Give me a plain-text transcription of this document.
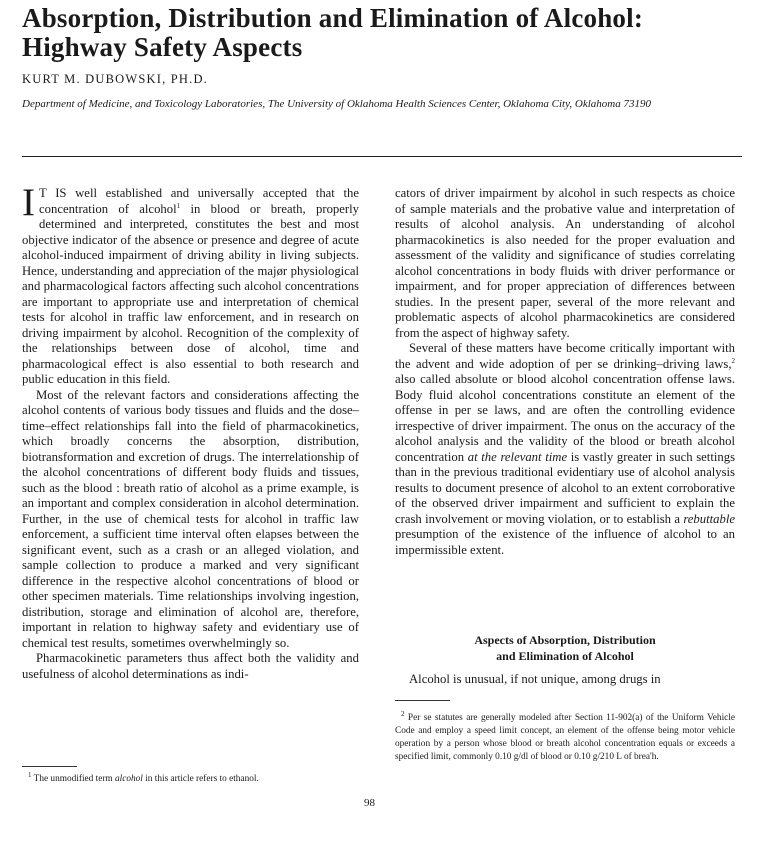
Absorption, Distribution and Elimination of Alcohol:
Highway Safety Aspects
KURT M. DUBOWSKI, PH.D.
Department of Medicine, and Toxicology Laboratories, The University of Oklahoma Health Sciences Center, Oklahoma City, Oklahoma 73190

I T IS well established and universally accepted that the concentration of alcohol$^1$ in blood or breath, properly determined and interpreted, constitutes the best and most objective indicator of the absence or presence and degree of acute alcohol-induced impairment of driving ability in living subjects. Hence, understanding and appreciation of the majør physiological and pharmacological factors affecting such alcohol concentrations are important to appropriate use and interpretation of chemical tests for alcohol in traffic law enforcement, and in research on driving impairment by alcohol. Recognition of the complexity of the relationships between dose of alcohol, time and pharmacological effect is also essential to both research and public education in this field.

Most of the relevant factors and considerations affecting the alcohol contents of various body tissues and fluids and the dose–time–effect relationships fall into the field of pharmacokinetics, which broadly concerns the absorption, distribution, biotransformation and excretion of drugs. The interrelationship of the alcohol concentrations of different body fluids and tissues, such as the blood : breath ratio of alcohol as a prime example, is an important and complex consideration in alcohol determination. Further, in the use of chemical tests for alcohol in traffic law enforcement, a sufficient time interval often elapses between the significant event, such as a crash or an alleged violation, and sample collection to produce a marked and very significant difference in the respective alcohol concentrations of blood or other specimen materials. Time relationships involving ingestion, distribution, storage and elimination of alcohol are, therefore, important in relation to highway safety and evidentiary use of chemical test results, sometimes overwhelmingly so.

Pharmacokinetic parameters thus affect both the validity and usefulness of alcohol determinations as indi-

cators of driver impairment by alcohol in such respects as choice of sample materials and the probative value and interpretation of results of alcohol analysis. An understanding of alcohol pharmacokinetics is also needed for the proper evaluation and assessment of the validity and significance of studies correlating alcohol concentrations in body fluids with driver performance or impairment, and for proper appreciation of differences between studies. In the present paper, several of the more relevant and problematic aspects of alcohol pharmacokinetics are considered from the aspect of highway safety.

Several of these matters have become critically important with the advent and wide adoption of per se drinking–driving laws,$^2$ also called absolute or blood alcohol concentration offense laws. Body fluid alcohol concentrations constitute an element of the offense in per se laws, and are often the controlling evidence irrespective of driver impairment. The onus on the accuracy of the alcohol analysis and the validity of the blood or breath alcohol concentration at the relevant time is vastly greater in such settings than in the previous traditional evidentiary use of alcohol analysis results to document presence of alcohol to an extent corroborative of the observed driver impairment and sufficient to explain the crash involvement or moving violation, or to establish a rebuttable presumption of the existence of the influence of alcohol to an impermissible extent.

Aspects of Absorption, Distribution
and Elimination of Alcohol

Alcohol is unusual, if not unique, among drugs in

$^2$ Per se statutes are generally modeled after Section 11-902(a) of the Uniform Vehicle Code and employ a speed limit concept, an element of the offense being motor vehicle operation by a person whose blood or breath alcohol concentration equals or exceeds a specified limit, commonly 0.10 g/dl of blood or 0.10 g/210 L of brea'h.

$^1$ The unmodified term alcohol in this article refers to ethanol.
98
